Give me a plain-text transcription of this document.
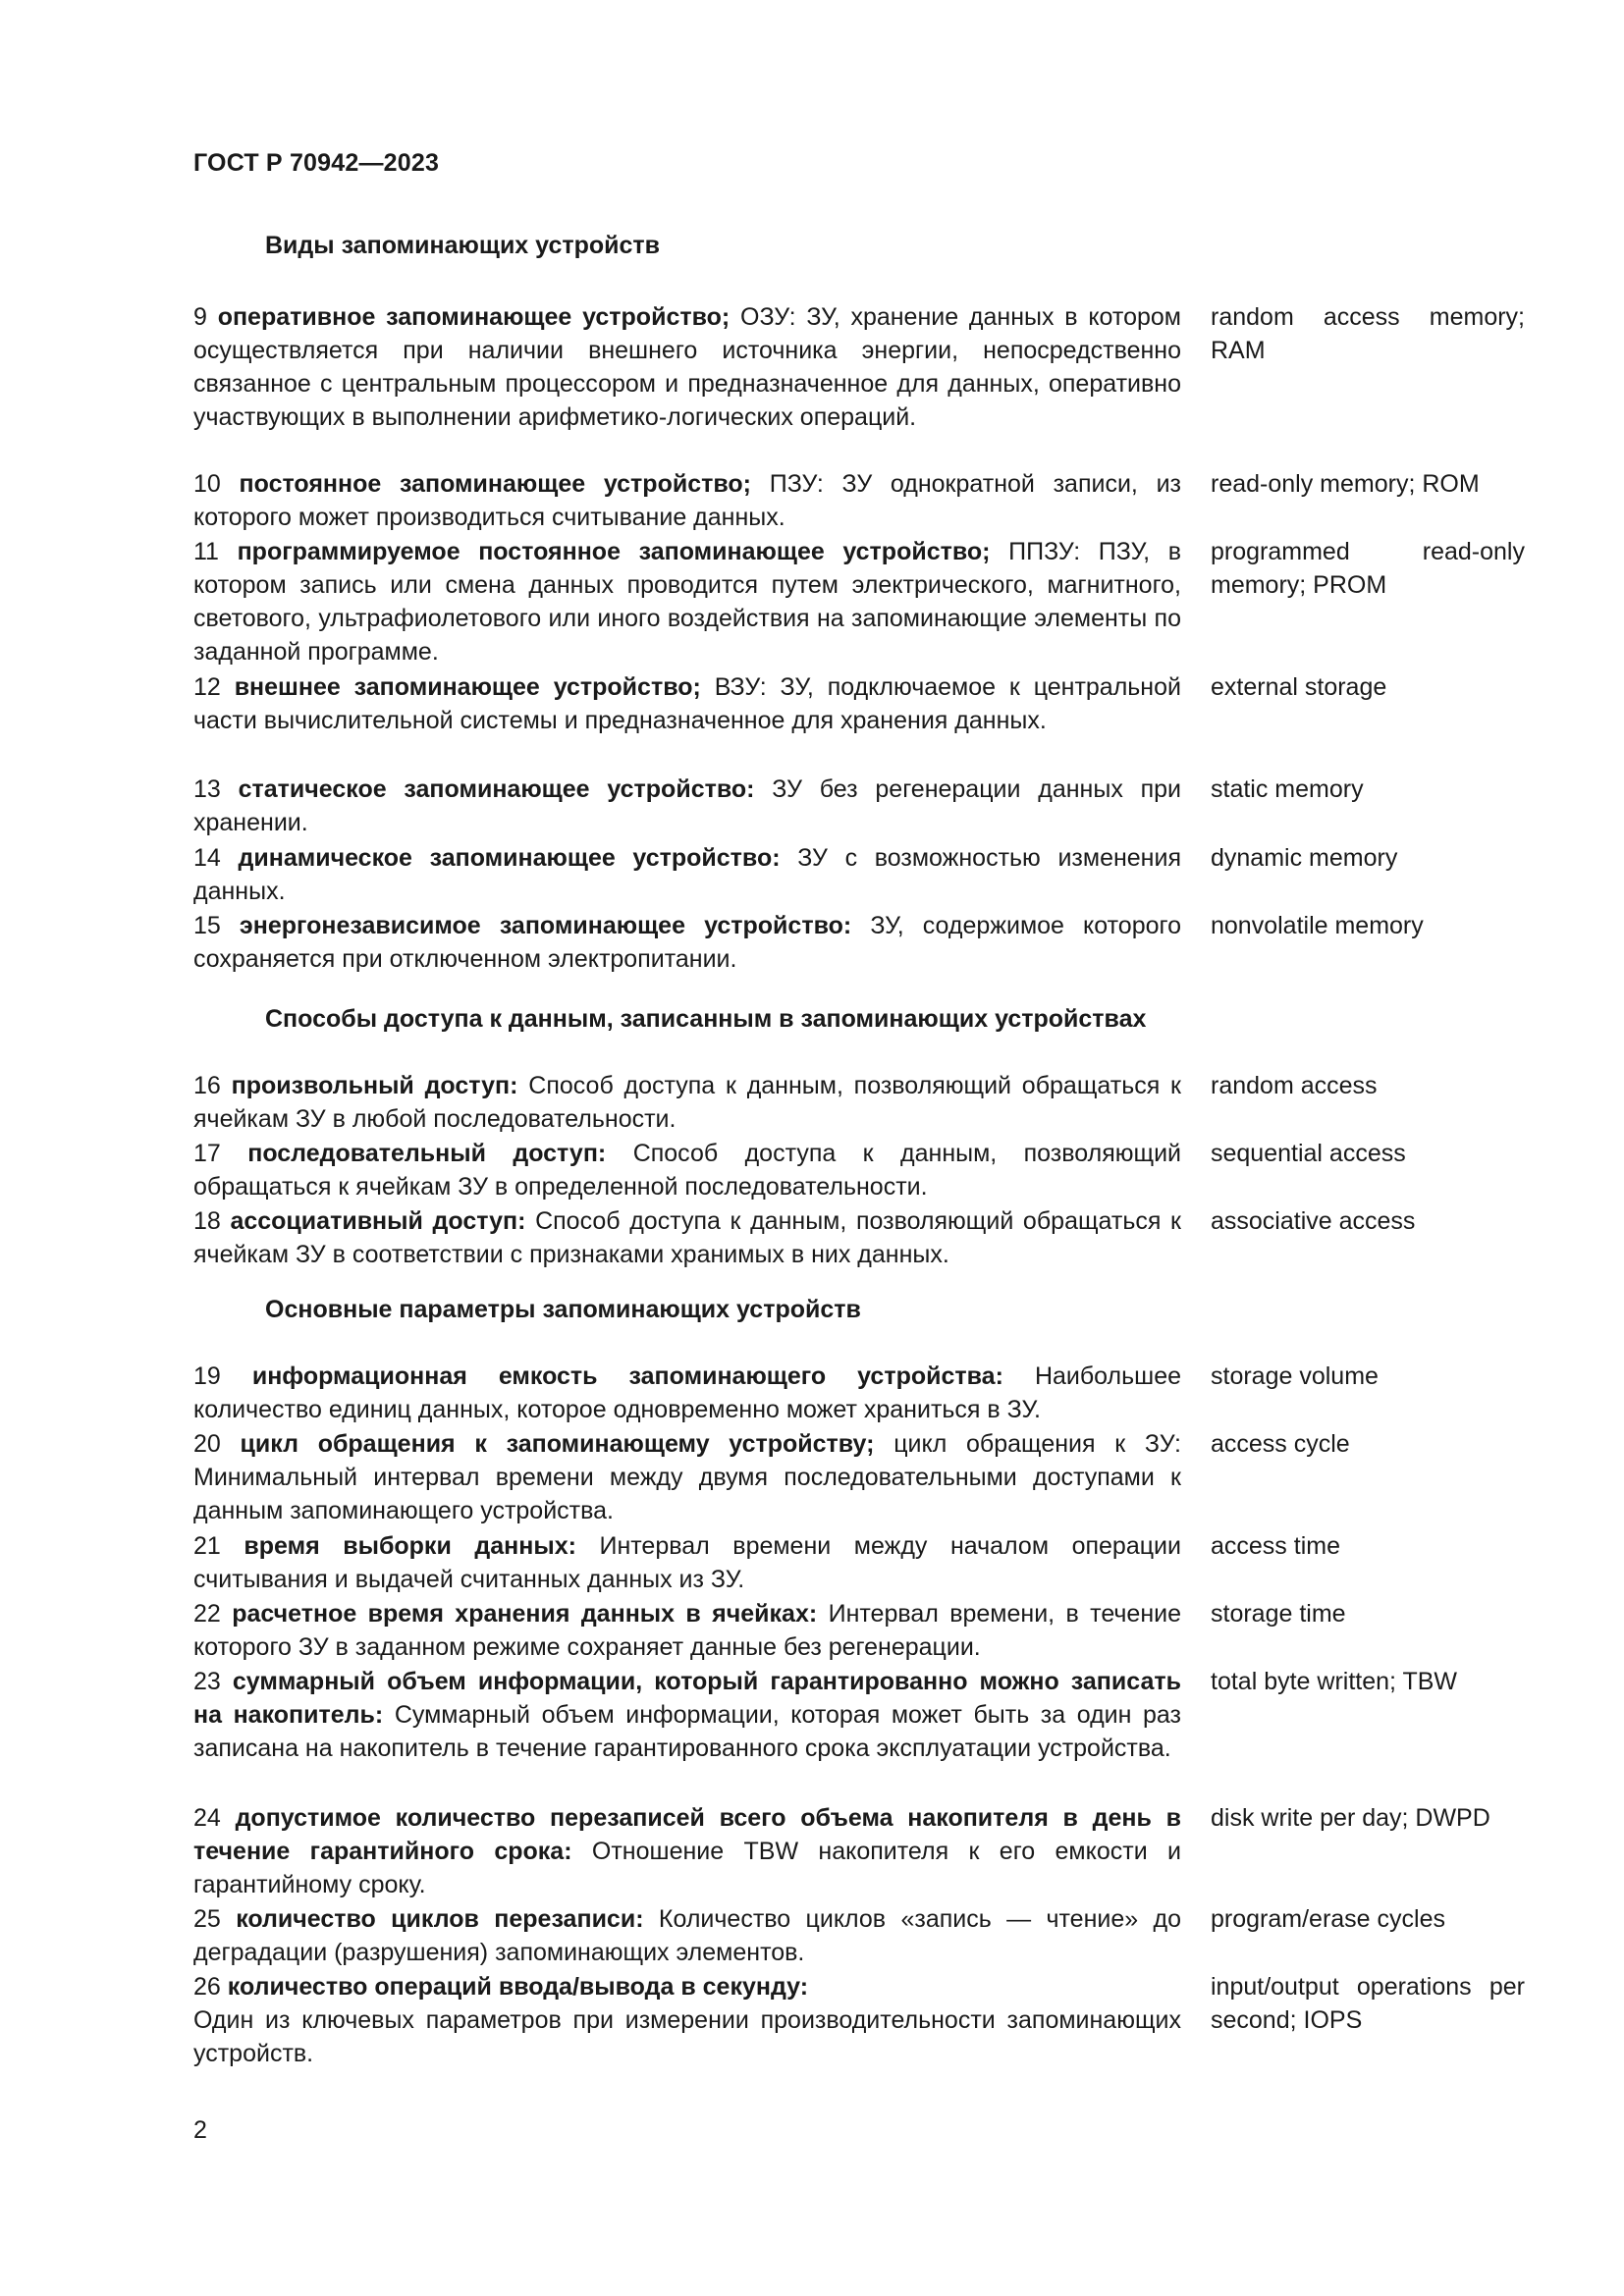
ГОСТ Р 70942—2023
Виды запоминающих устройств
9 оперативное запоминающее устройство; ОЗУ: ЗУ, хранение данных в котором осуществляется при наличии внешнего источника энергии, непосредственно связанное с центральным процессором и предназначенное для данных, оперативно участвующих в выполнении арифметико-логических операций.
random access memory; RAM
10 постоянное запоминающее устройство; ПЗУ: ЗУ однократной записи, из которого может производиться считывание данных.
read-only memory; ROM
11 программируемое постоянное запоминающее устройство; ППЗУ: ПЗУ, в котором запись или смена данных проводится путем электрического, магнитного, светового, ультрафиолетового или иного воздействия на запоминающие элементы по заданной программе.
programmed read-only memory; PROM
12 внешнее запоминающее устройство; ВЗУ: ЗУ, подключаемое к центральной части вычислительной системы и предназначенное для хранения данных.
external storage
13 статическое запоминающее устройство: ЗУ без регенерации данных при хранении.
static memory
14 динамическое запоминающее устройство: ЗУ с возможностью изменения данных.
dynamic memory
15 энергонезависимое запоминающее устройство: ЗУ, содержимое которого сохраняется при отключенном электропитании.
nonvolatile memory
Способы доступа к данным, записанным в запоминающих устройствах
16 произвольный доступ: Способ доступа к данным, позволяющий обращаться к ячейкам ЗУ в любой последовательности.
random access
17 последовательный доступ: Способ доступа к данным, позволяющий обращаться к ячейкам ЗУ в определенной последовательности.
sequential access
18 ассоциативный доступ: Способ доступа к данным, позволяющий обращаться к ячейкам ЗУ в соответствии с признаками хранимых в них данных.
associative access
Основные параметры запоминающих устройств
19 информационная емкость запоминающего устройства: Наибольшее количество единиц данных, которое одновременно может храниться в ЗУ.
storage volume
20 цикл обращения к запоминающему устройству; цикл обращения к ЗУ: Минимальный интервал времени между двумя последовательными доступами к данным запоминающего устройства.
access cycle
21 время выборки данных: Интервал времени между началом операции считывания и выдачей считанных данных из ЗУ.
access time
22 расчетное время хранения данных в ячейках: Интервал времени, в течение которого ЗУ в заданном режиме сохраняет данные без регенерации.
storage time
23 суммарный объем информации, который гарантированно можно записать на накопитель: Суммарный объем информации, которая может быть за один раз записана на накопитель в течение гарантированного срока эксплуатации устройства.
total byte written; TBW
24 допустимое количество перезаписей всего объема накопителя в день в течение гарантийного срока: Отношение TBW накопителя к его емкости и гарантийному сроку.
disk write per day; DWPD
25 количество циклов перезаписи: Количество циклов «запись — чтение» до деградации (разрушения) запоминающих элементов.
program/erase cycles
26 количество операций ввода/вывода в секунду:
Один из ключевых параметров при измерении производительности запоминающих устройств.
input/output operations per second; IOPS
2
